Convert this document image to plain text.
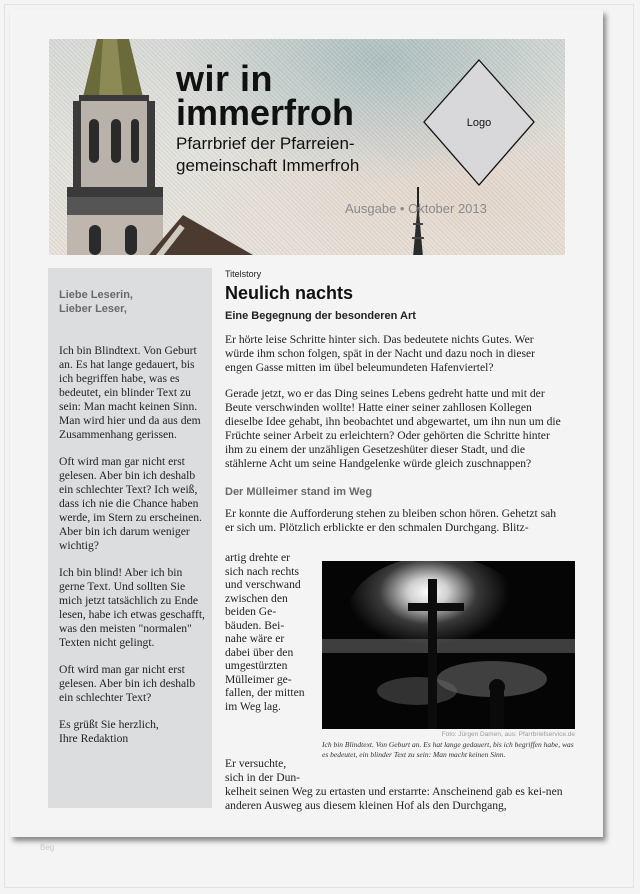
wir in
immerfroh
Pfarrbrief der Pfarreien-
gemeinschaft Immerfroh
Ausgabe • Oktober 2013
Logo
Liebe Leserin,
Lieber Leser,

Ich bin Blindtext. Von Geburt an. Es hat lange gedauert, bis ich begriffen habe, was es bedeutet, ein blinder Text zu sein: Man macht keinen Sinn. Man wird hier und da aus dem Zusammenhang gerissen.

Oft wird man gar nicht erst gelesen. Aber bin ich deshalb ein schlechter Text? Ich weiß, dass ich nie die Chance haben werde, im Stern zu erscheinen. Aber bin ich darum weniger wichtig?

Ich bin blind! Aber ich bin gerne Text. Und sollten Sie mich jetzt tatsächlich zu Ende lesen, habe ich etwas geschafft, was den meisten "normalen" Texten nicht gelingt.

Oft wird man gar nicht erst gelesen. Aber bin ich deshalb ein schlechter Text?

Es grüßt Sie herzlich,
Ihre Redaktion

Titelstory
Neulich nachts
Eine Begegnung der besonderen Art

Er hörte leise Schritte hinter sich. Das bedeutete nichts Gutes. Wer würde ihm schon folgen, spät in der Nacht und dazu noch in dieser engen Gasse mitten im übel beleumundeten Hafenviertel?

Gerade jetzt, wo er das Ding seines Lebens gedreht hatte und mit der Beute verschwinden wollte! Hatte einer seiner zahllosen Kollegen dieselbe Idee gehabt, ihn beobachtet und abgewartet, um ihn nun um die Früchte seiner Arbeit zu erleichtern? Oder gehörten die Schritte hinter ihm zu einem der unzähligen Gesetzeshüter dieser Stadt, und die stählerne Acht um seine Handgelenke würde gleich zuschnappen?

Der Mülleimer stand im Weg

Er konnte die Aufforderung stehen zu bleiben schon hören. Gehetzt sah er sich um. Plötzlich erblickte er den schmalen Durchgang. Blitz-

artig drehte er sich nach rechts und verschwand zwischen den beiden Ge-bäuden. Bei-nahe wäre er dabei über den umgestürzten Mülleimer ge-fallen, der mitten im Weg lag.
Foto: Jürgen Damen, aus: Pfarrbriefservice.de
Ich bin Blindtext. Von Geburt an. Es hat lange gedauert, bis ich begriffen habe, was es bedeutet, ein blinder Text zu sein: Man macht keinen Sinn.
Er versuchte, sich in der Dun-
kelheit seinen Weg zu ertasten und erstarrte: Anscheinend gab es kei-nen anderen Ausweg aus diesem kleinen Hof als den Durchgang,
Beg
